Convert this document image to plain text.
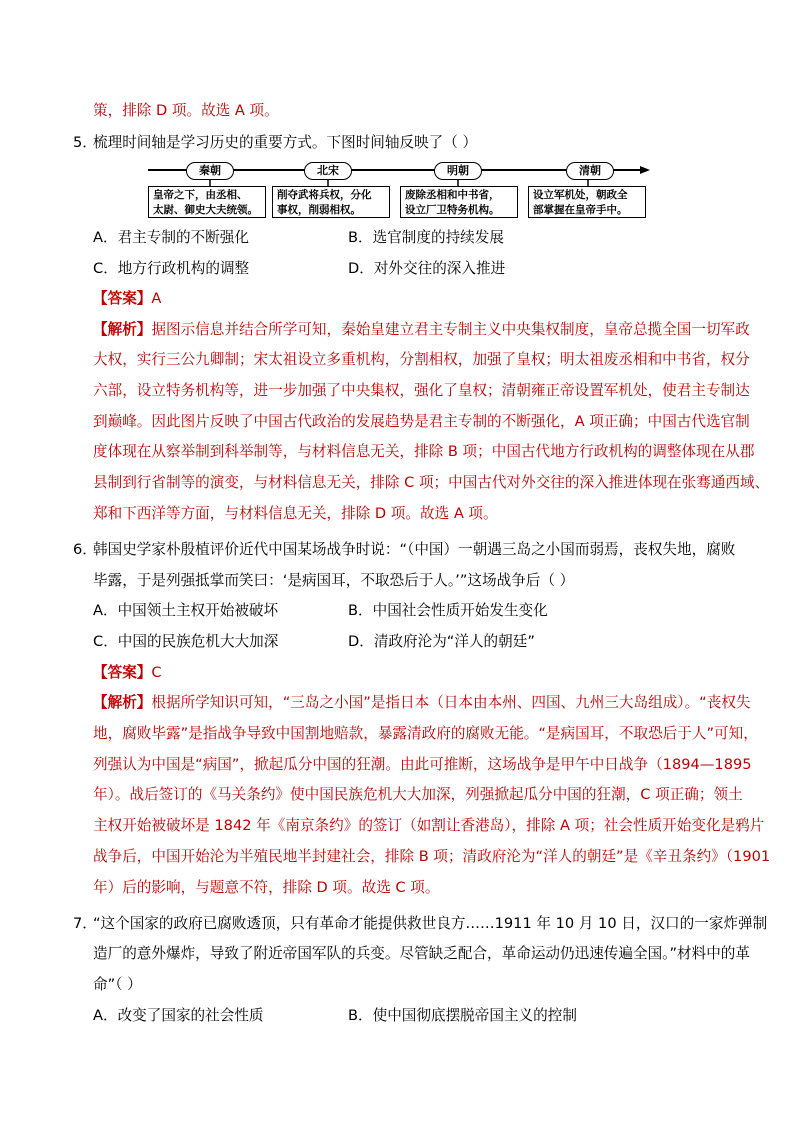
策，排除 D 项。故选 A 项。
5．
梳理时间轴是学习历史的重要方式。下图时间轴反映了（ ）
秦朝	北宋	明朝	清朝
皇帝之下，由丞相、
太尉、御史大夫统领。
削夺武将兵权，分化
事权，削弱相权。
废除丞相和中书省，
设立厂卫特务机构。
设立军机处，朝政全
部掌握在皇帝手中。
A．君主专制的不断强化	B．选官制度的持续发展
C．地方行政机构的调整	D．对外交往的深入推进
【答案】A
【解析】据图示信息并结合所学可知，秦始皇建立君主专制主义中央集权制度，皇帝总揽全国一切军政
大权，实行三公九卿制；宋太祖设立多重机构，分割相权，加强了皇权；明太祖废丞相和中书省，权分
六部，设立特务机构等，进一步加强了中央集权，强化了皇权；清朝雍正帝设置军机处，使君主专制达
到巅峰。因此图片反映了中国古代政治的发展趋势是君主专制的不断强化，A 项正确；中国古代选官制
度体现在从察举制到科举制等，与材料信息无关，排除 B 项；中国古代地方行政机构的调整体现在从郡
县制到行省制等的演变，与材料信息无关，排除 C 项；中国古代对外交往的深入推进体现在张骞通西域、
郑和下西洋等方面，与材料信息无关，排除 D 项。故选 A 项。
6．
韩国史学家朴殷植评价近代中国某场战争时说：“（中国）一朝遇三岛之小国而弱焉，丧权失地，腐败
毕露，于是列强抵掌而笑曰：‘是病国耳，不取恐后于人。’”这场战争后（ ）
A．中国领土主权开始被破坏	B．中国社会性质开始发生变化
C．中国的民族危机大大加深	D．清政府沦为“洋人的朝廷”
【答案】C
【解析】根据所学知识可知，“三岛之小国”是指日本（日本由本州、四国、九州三大岛组成）。“丧权失
地，腐败毕露”是指战争导致中国割地赔款，暴露清政府的腐败无能。“是病国耳，不取恐后于人”可知，
列强认为中国是“病国”，掀起瓜分中国的狂潮。由此可推断，这场战争是甲午中日战争（1894—1895
年）。战后签订的《马关条约》使中国民族危机大大加深，列强掀起瓜分中国的狂潮，C 项正确；领土
主权开始被破坏是 1842 年《南京条约》的签订（如割让香港岛），排除 A 项；社会性质开始变化是鸦片
战争后，中国开始沦为半殖民地半封建社会，排除 B 项；清政府沦为“洋人的朝廷”是《辛丑条约》（1901
年）后的影响，与题意不符，排除 D 项。故选 C 项。
7．
“这个国家的政府已腐败透顶，只有革命才能提供救世良方……1911 年 10 月 10 日，汉口的一家炸弹制
造厂的意外爆炸，导致了附近帝国军队的兵变。尽管缺乏配合，革命运动仍迅速传遍全国。”材料中的革
命”（ ）
A．改变了国家的社会性质	B．使中国彻底摆脱帝国主义的控制
